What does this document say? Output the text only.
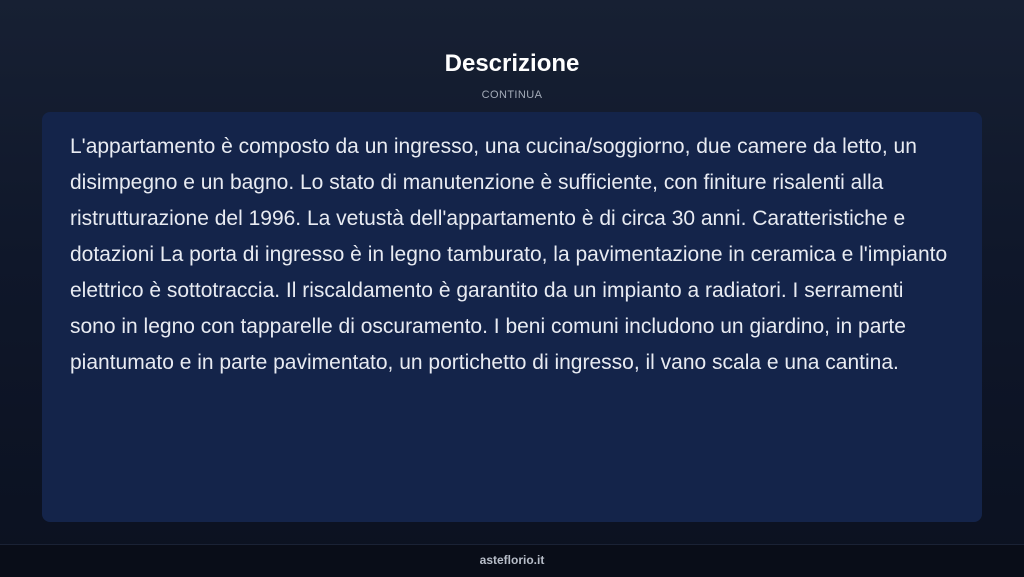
Descrizione
CONTINUA

L'appartamento è composto da un ingresso, una cucina/soggiorno, due camere da letto, un disimpegno e un bagno. Lo stato di manutenzione è sufficiente, con finiture risalenti alla ristrutturazione del 1996. La vetustà dell'appartamento è di circa 30 anni. Caratteristiche e dotazioni La porta di ingresso è in legno tamburato, la pavimentazione in ceramica e l'impianto elettrico è sottotraccia. Il riscaldamento è garantito da un impianto a radiatori. I serramenti sono in legno con tapparelle di oscuramento. I beni comuni includono un giardino, in parte piantumato e in parte pavimentato, un portichetto di ingresso, il vano scala e una cantina.

asteflorio.it
